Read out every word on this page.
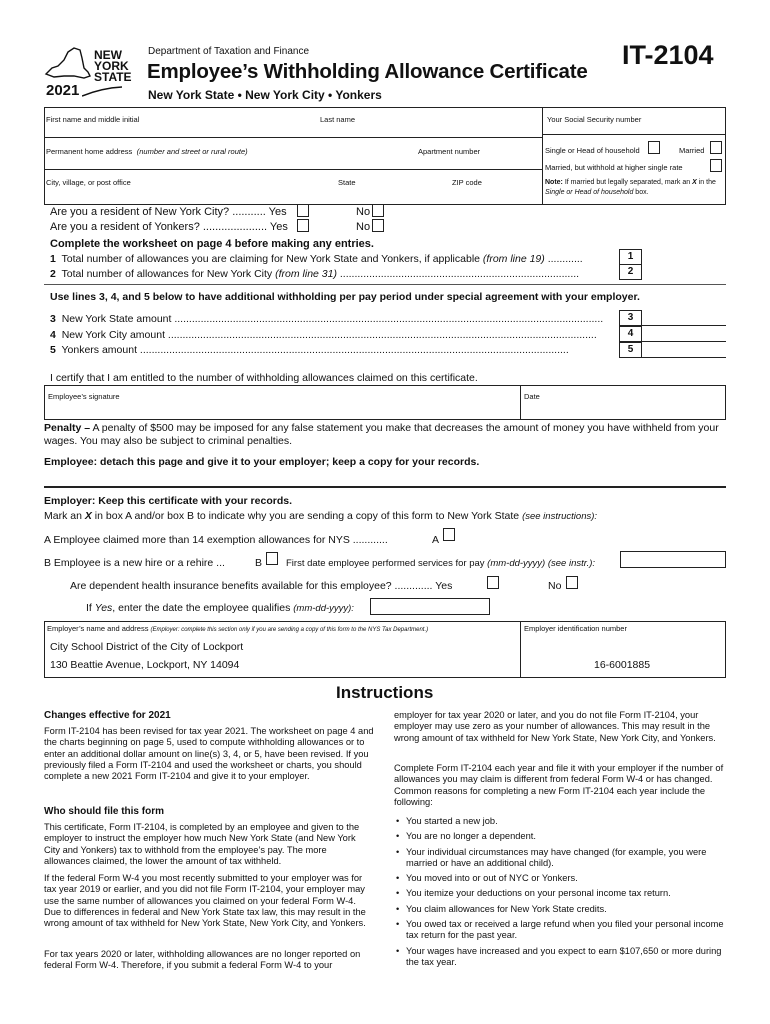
NEW
YORK
STATE
2021
Department of Taxation and Finance
Employee’s Withholding Allowance Certificate
IT-2104
New York State • New York City • Yonkers
First name and middle initial	Last name	Your Social Security number
Permanent home address (number and street or rural route)	Apartment number
City, village, or post office	State	ZIP code
Single or Head of household	Married
Married, but withhold at higher single rate
Note: If married but legally separated, mark an X in the Single or Head of household box.
Are you a resident of New York City? ........... Yes	No
Are you a resident of Yonkers? ..................... Yes	No
Complete the worksheet on page 4 before making any entries.
1 Total number of allowances you are claiming for New York State and Yonkers, if applicable (from line 19) ............	1
2 Total number of allowances for New York City (from line 31) ..................................................................................	2
Use lines 3, 4, and 5 below to have additional withholding per pay period under special agreement with your employer.
3 New York State amount ...................................................................................................................................................	3
4 New York City amount ...................................................................................................................................................	4
5 Yonkers amount ...................................................................................................................................................	5
I certify that I am entitled to the number of withholding allowances claimed on this certificate.
Employee’s signature	Date
Penalty – A penalty of $500 may be imposed for any false statement you make that decreases the amount of money you have withheld from your wages. You may also be subject to criminal penalties.
Employee: detach this page and give it to your employer; keep a copy for your records.
Employer: Keep this certificate with your records.
Mark an X in box A and/or box B to indicate why you are sending a copy of this form to New York State (see instructions):
A Employee claimed more than 14 exemption allowances for NYS ............	A
B Employee is a new hire or a rehire ...	B	First date employee performed services for pay (mm-dd-yyyy) (see instr.):
Are dependent health insurance benefits available for this employee? ............. Yes	No
If Yes, enter the date the employee qualifies (mm-dd-yyyy):
Employer’s name and address (Employer: complete this section only if you are sending a copy of this form to the NYS Tax Department.)	Employer identification number
City School District of the City of Lockport
130 Beattie Avenue, Lockport, NY 14094	16-6001885
Instructions
Changes effective for 2021
Form IT-2104 has been revised for tax year 2021. The worksheet on page 4 and the charts beginning on page 5, used to compute withholding allowances or to enter an additional dollar amount on line(s) 3, 4, or 5, have been revised. If you previously filed a Form IT-2104 and used the worksheet or charts, you should complete a new 2021 Form IT-2104 and give it to your employer.
Who should file this form
This certificate, Form IT-2104, is completed by an employee and given to the employer to instruct the employer how much New York State (and New York City and Yonkers) tax to withhold from the employee’s pay. The more allowances claimed, the lower the amount of tax withheld.
If the federal Form W-4 you most recently submitted to your employer was for tax year 2019 or earlier, and you did not file Form IT-2104, your employer may use the same number of allowances you claimed on your federal Form W-4. Due to differences in federal and New York State tax law, this may result in the wrong amount of tax withheld for New York State, New York City, and Yonkers.
For tax years 2020 or later, withholding allowances are no longer reported on federal Form W-4. Therefore, if you submit a federal Form W-4 to your
employer for tax year 2020 or later, and you do not file Form IT-2104, your employer may use zero as your number of allowances. This may result in the wrong amount of tax withheld for New York State, New York City, and Yonkers.
Complete Form IT-2104 each year and file it with your employer if the number of allowances you may claim is different from federal Form W-4 or has changed. Common reasons for completing a new Form IT-2104 each year include the following:
• You started a new job.
• You are no longer a dependent.
• Your individual circumstances may have changed (for example, you were married or have an additional child).
• You moved into or out of NYC or Yonkers.
• You itemize your deductions on your personal income tax return.
• You claim allowances for New York State credits.
• You owed tax or received a large refund when you filed your personal income tax return for the past year.
• Your wages have increased and you expect to earn $107,650 or more during the tax year.
